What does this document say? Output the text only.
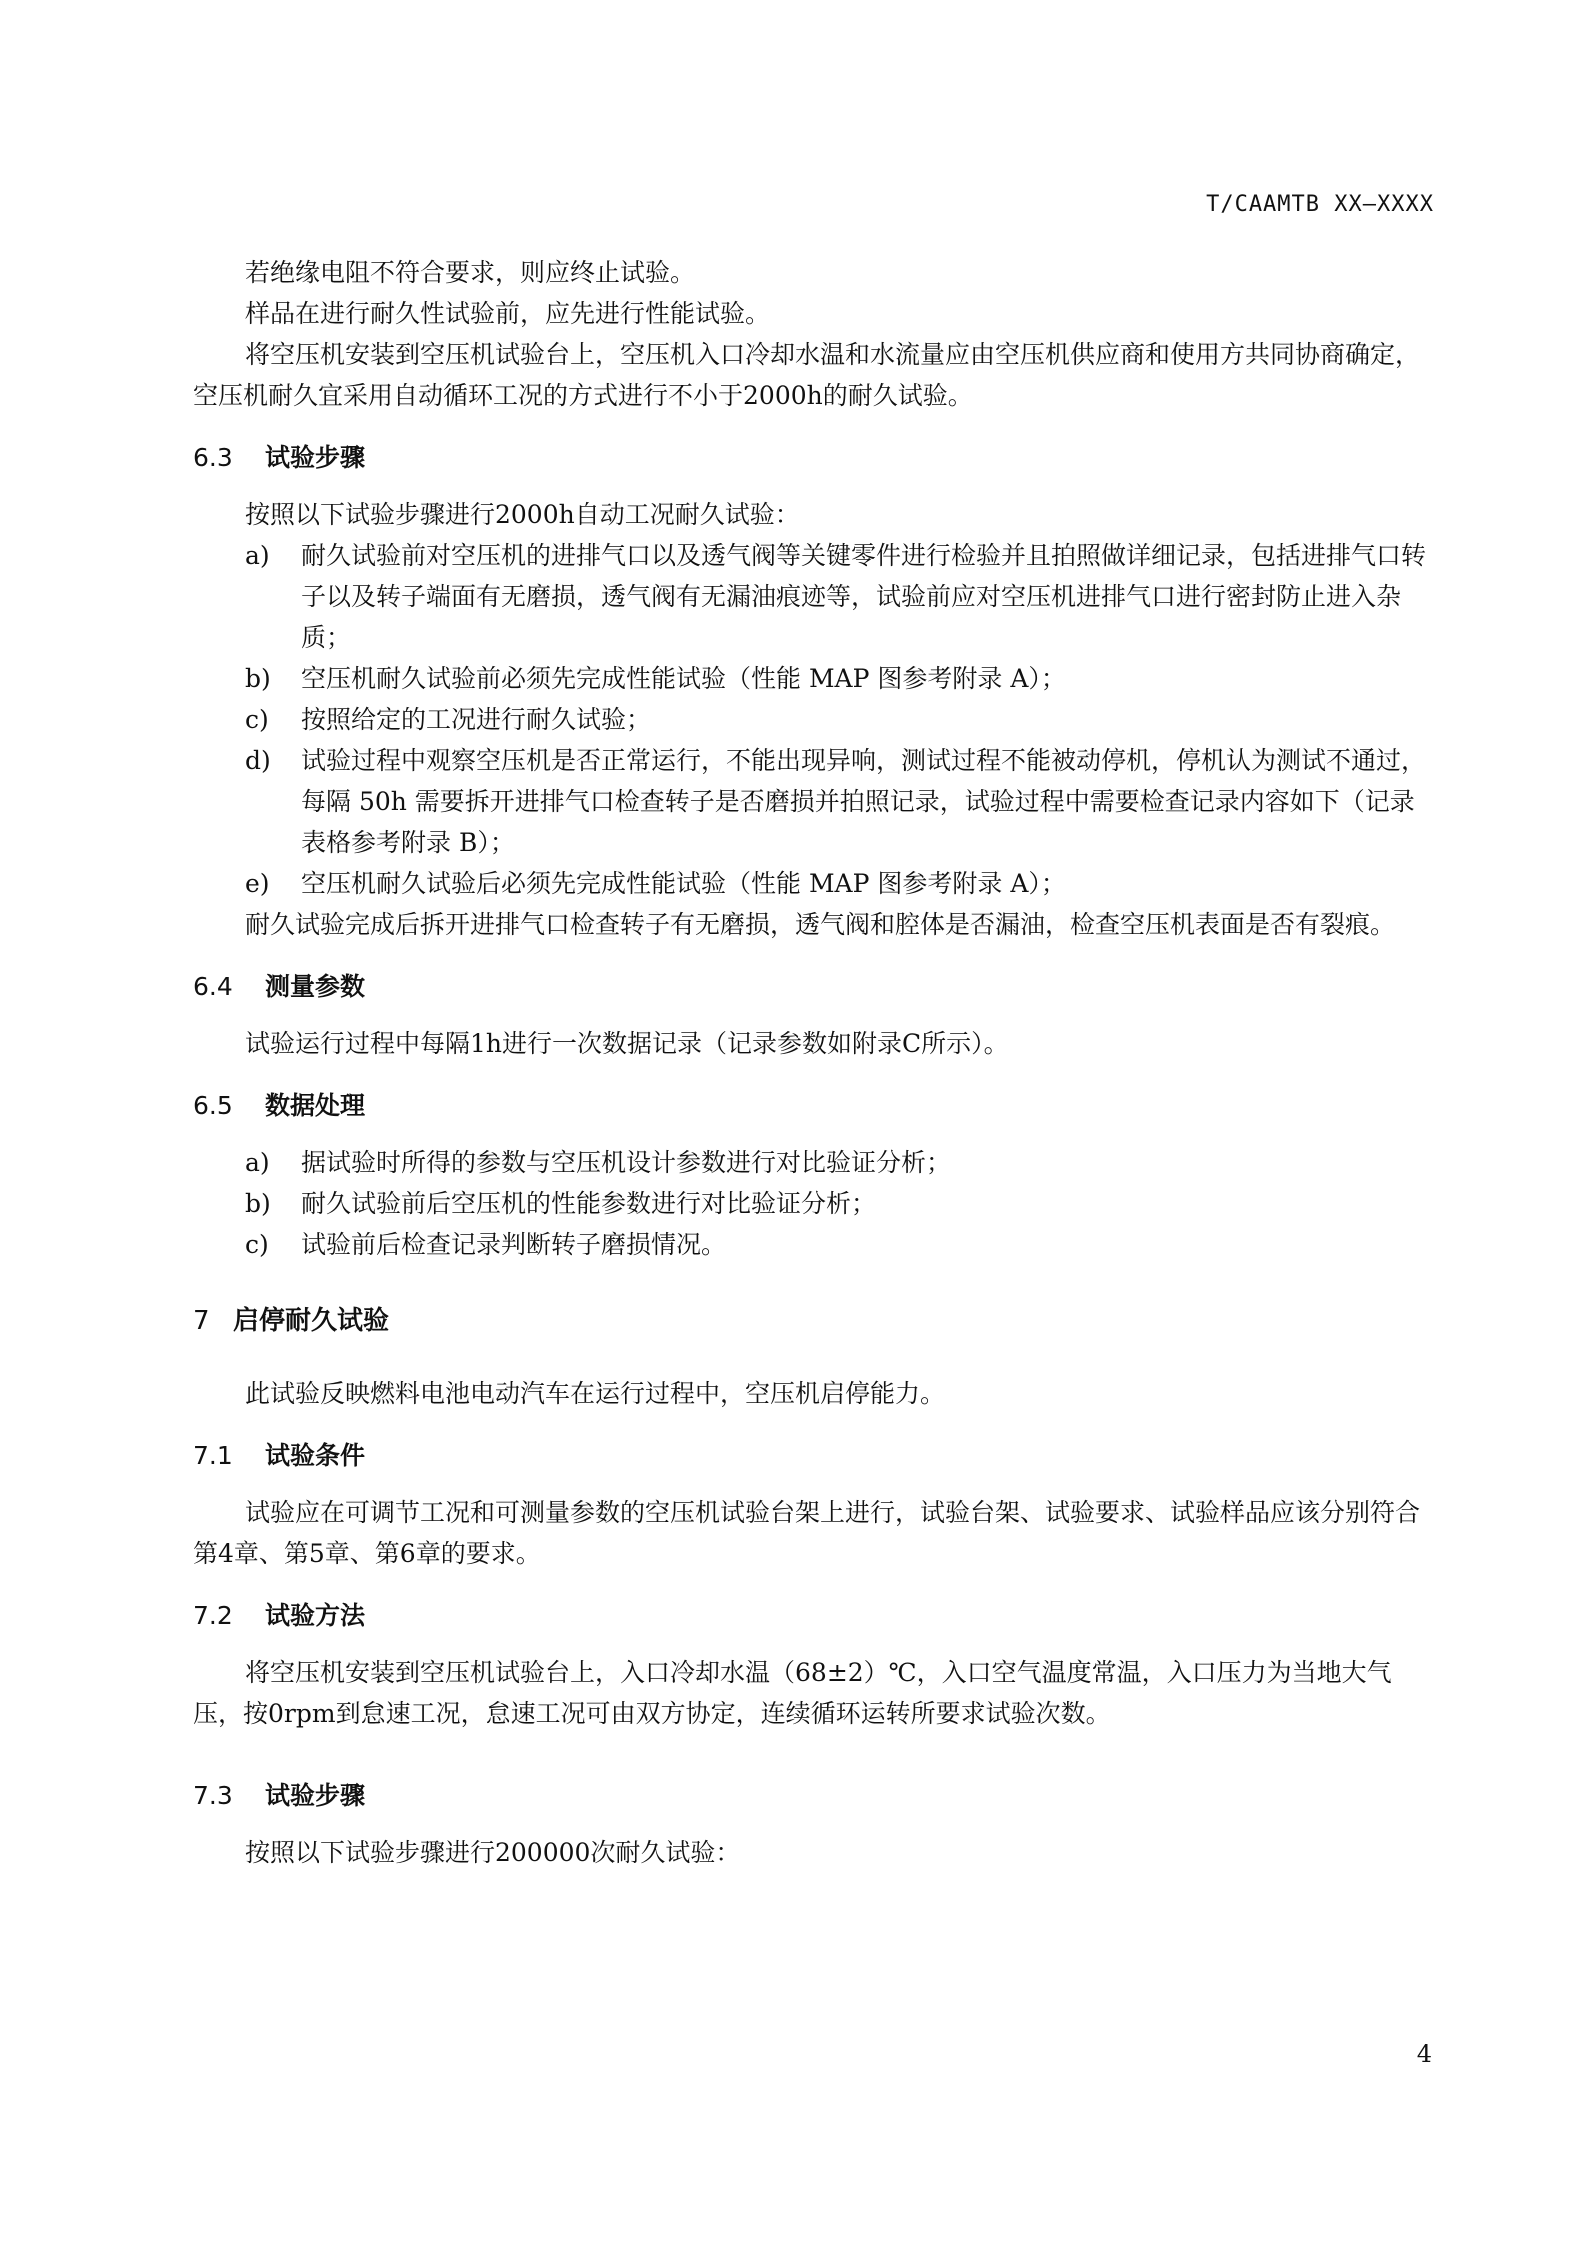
T/CAAMTB XX—XXXX

若绝缘电阻不符合要求，则应终止试验。

样品在进行耐久性试验前，应先进行性能试验。

将空压机安装到空压机试验台上，空压机入口冷却水温和水流量应由空压机供应商和使用方共同协商确定，空压机耐久宜采用自动循环工况的方式进行不小于2000h的耐久试验。

6.3 试验步骤

按照以下试验步骤进行2000h自动工况耐久试验：

a)	耐久试验前对空压机的进排气口以及透气阀等关键零件进行检验并且拍照做详细记录，包括进排气口转子以及转子端面有无磨损，透气阀有无漏油痕迹等，试验前应对空压机进排气口进行密封防止进入杂质；
b)	空压机耐久试验前必须先完成性能试验（性能 MAP 图参考附录 A）；
c)	按照给定的工况进行耐久试验；
d)	试验过程中观察空压机是否正常运行，不能出现异响，测试过程不能被动停机，停机认为测试不通过，每隔 50h 需要拆开进排气口检查转子是否磨损并拍照记录，试验过程中需要检查记录内容如下（记录表格参考附录 B）；
e)	空压机耐久试验后必须先完成性能试验（性能 MAP 图参考附录 A）；

耐久试验完成后拆开进排气口检查转子有无磨损，透气阀和腔体是否漏油，检查空压机表面是否有裂痕。

6.4 测量参数

试验运行过程中每隔1h进行一次数据记录（记录参数如附录C所示）。

6.5 数据处理
a)	据试验时所得的参数与空压机设计参数进行对比验证分析；
b)	耐久试验前后空压机的性能参数进行对比验证分析；
c)	试验前后检查记录判断转子磨损情况。
7 启停耐久试验

此试验反映燃料电池电动汽车在运行过程中，空压机启停能力。

7.1 试验条件

试验应在可调节工况和可测量参数的空压机试验台架上进行，试验台架、试验要求、试验样品应该分别符合第4章、第5章、第6章的要求。

7.2 试验方法

将空压机安装到空压机试验台上，入口冷却水温（68±2）℃，入口空气温度常温，入口压力为当地大气压，按0rpm到怠速工况，怠速工况可由双方协定，连续循环运转所要求试验次数。

7.3 试验步骤

按照以下试验步骤进行200000次耐久试验：

4
